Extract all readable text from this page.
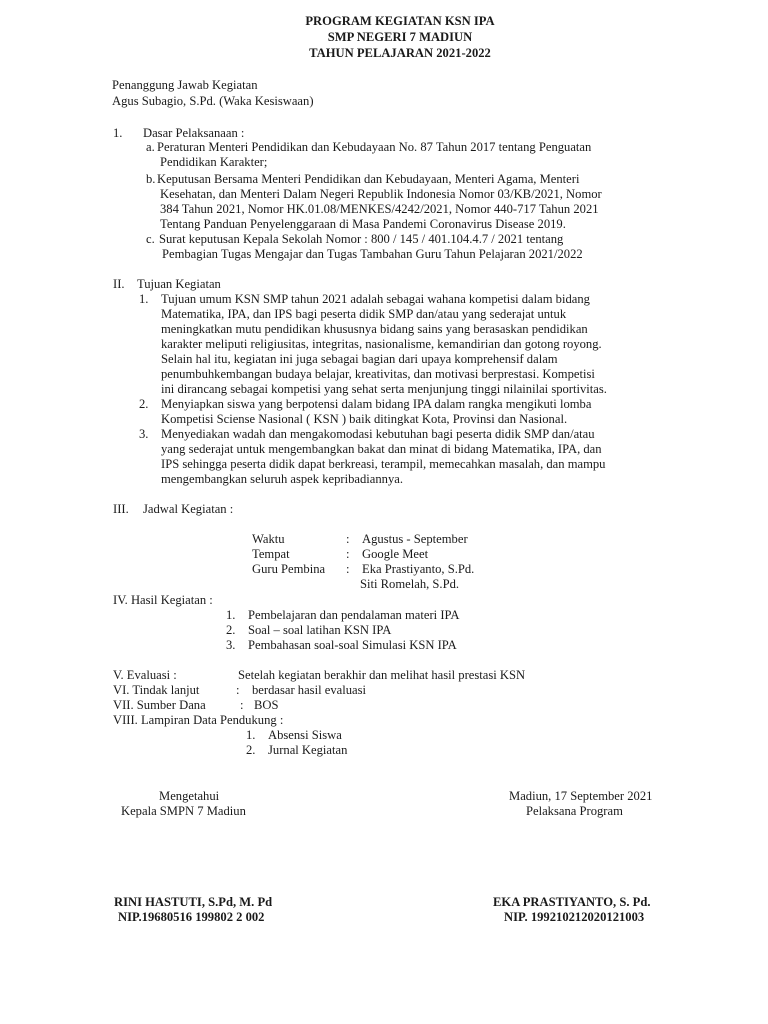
PROGRAM KEGIATAN KSN IPA
SMP NEGERI 7 MADIUN
TAHUN PELAJARAN 2021-2022
Penanggung Jawab Kegiatan
Agus Subagio, S.Pd. (Waka Kesiswaan)
1. Dasar Pelaksanaan :
a. Peraturan Menteri Pendidikan dan Kebudayaan No. 87 Tahun 2017 tentang Penguatan
Pendidikan Karakter;
b. Keputusan Bersama Menteri Pendidikan dan Kebudayaan, Menteri Agama, Menteri
Kesehatan, dan Menteri Dalam Negeri Republik Indonesia Nomor 03/KB/2021, Nomor
384 Tahun 2021, Nomor HK.01.08/MENKES/4242/2021, Nomor 440-717 Tahun 2021
Tentang Panduan Penyelenggaraan di Masa Pandemi Coronavirus Disease 2019.
c. Surat keputusan Kepala Sekolah Nomor : 800 / 145 / 401.104.4.7 / 2021 tentang
Pembagian Tugas Mengajar dan Tugas Tambahan Guru Tahun Pelajaran 2021/2022
II. Tujuan Kegiatan
1. Tujuan umum KSN SMP tahun 2021 adalah sebagai wahana kompetisi dalam bidang
Matematika, IPA, dan IPS bagi peserta didik SMP dan/atau yang sederajat untuk
meningkatkan mutu pendidikan khususnya bidang sains yang berasaskan pendidikan
karakter meliputi religiusitas, integritas, nasionalisme, kemandirian dan gotong royong.
Selain hal itu, kegiatan ini juga sebagai bagian dari upaya komprehensif dalam
penumbuhkembangan budaya belajar, kreativitas, dan motivasi berprestasi. Kompetisi
ini dirancang sebagai kompetisi yang sehat serta menjunjung tinggi nilainilai sportivitas.
2. Menyiapkan siswa yang berpotensi dalam bidang IPA dalam rangka mengikuti lomba
Kompetisi Sciense Nasional ( KSN ) baik ditingkat Kota, Provinsi dan Nasional.
3. Menyediakan wadah dan mengakomodasi kebutuhan bagi peserta didik SMP dan/atau
yang sederajat untuk mengembangkan bakat dan minat di bidang Matematika, IPA, dan
IPS sehingga peserta didik dapat berkreasi, terampil, memecahkan masalah, dan mampu
mengembangkan seluruh aspek kepribadiannya.
III. Jadwal Kegiatan :
Waktu	: Agustus - September
Tempat	: Google Meet
Guru Pembina : Eka Prastiyanto, S.Pd.
Siti Romelah, S.Pd.
IV. Hasil Kegiatan :
1. Pembelajaran dan pendalaman materi IPA
2. Soal – soal latihan KSN IPA
3. Pembahasan soal-soal Simulasi KSN IPA
V. Evaluasi :	Setelah kegiatan berakhir dan melihat hasil prestasi KSN
VI. Tindak lanjut	: berdasar hasil evaluasi
VII. Sumber Dana	: BOS
VIII. Lampiran Data Pendukung :
1. Absensi Siswa
2. Jurnal Kegiatan
Mengetahui
Kepala SMPN 7 Madiun
Madiun, 17 September 2021
Pelaksana Program
RINI HASTUTI, S.Pd, M. Pd
NIP.19680516 199802 2 002
EKA PRASTIYANTO, S. Pd.
NIP. 199210212020121003
